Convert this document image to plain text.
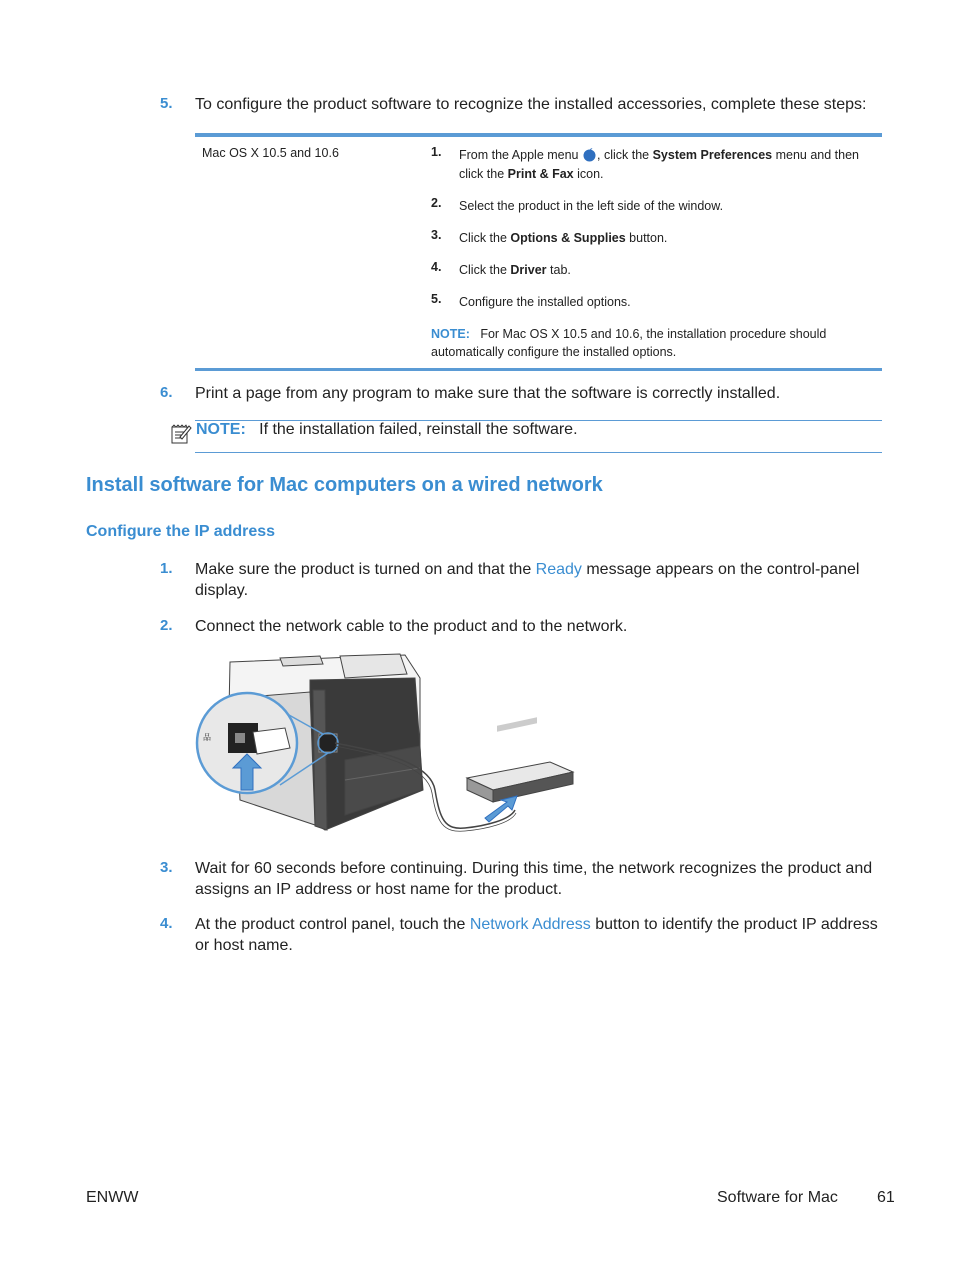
5. To configure the product software to recognize the installed accessories, complete these steps:
Mac OS X 10.5 and 10.6	1. From the Apple menu , click the System Preferences menu and then
click the Print & Fax icon.
2. Select the product in the left side of the window.
3. Click the Options & Supplies button.
4. Click the Driver tab.
5. Configure the installed options.
NOTE: For Mac OS X 10.5 and 10.6, the installation procedure should
automatically configure the installed options.
6. Print a page from any program to make sure that the software is correctly installed.
NOTE: If the installation failed, reinstall the software.
Install software for Mac computers on a wired network
Configure the IP address
1. Make sure the product is turned on and that the Ready message appears on the control-panel
display.
2. Connect the network cable to the product and to the network.
品
3. Wait for 60 seconds before continuing. During this time, the network recognizes the product and
assigns an IP address or host name for the product.
4. At the product control panel, touch the Network Address button to identify the product IP address
or host name.
ENWW	Software for Mac 61
